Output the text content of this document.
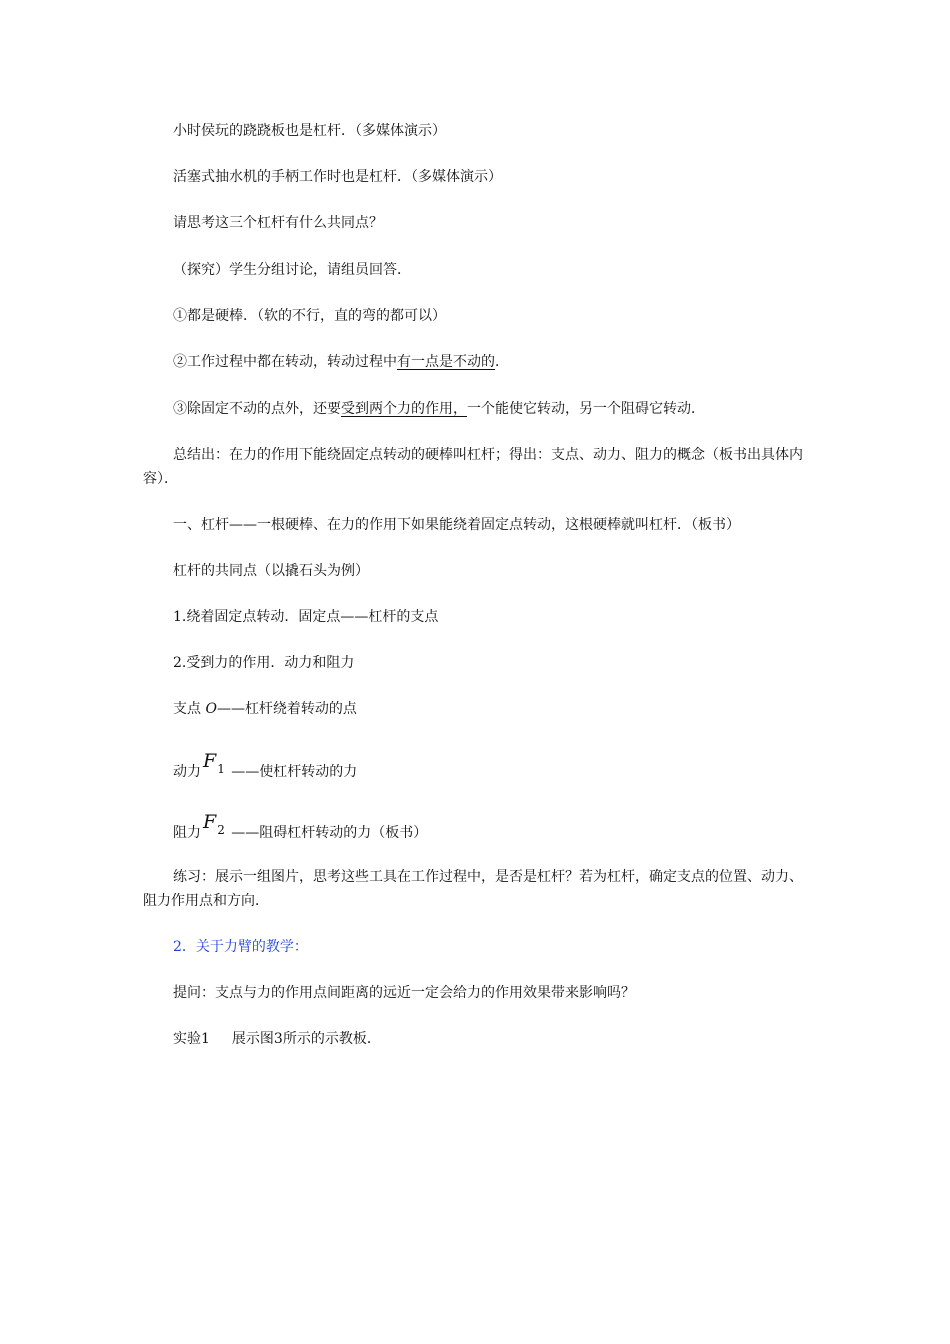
小时侯玩的跷跷板也是杠杆．（多媒体演示）
活塞式抽水机的手柄工作时也是杠杆．（多媒体演示）
请思考这三个杠杆有什么共同点？
（探究）学生分组讨论，请组员回答．
①都是硬棒．（软的不行，直的弯的都可以）
②工作过程中都在转动，转动过程中有一点是不动的．
③除固定不动的点外，还要受到两个力的作用，一个能使它转动，另一个阻碍它转动．
总结出：在力的作用下能绕固定点转动的硬棒叫杠杆；得出：支点、动力、阻力的概念（板书出具体内容）．
一、杠杆——一根硬棒、在力的作用下如果能绕着固定点转动，这根硬棒就叫杠杆．（板书）
杠杆的共同点（以撬石头为例）
1.绕着固定点转动．固定点——杠杆的支点
2.受到力的作用．动力和阻力
支点 O——杠杆绕着转动的点
动力 $F_1$ ——使杠杆转动的力
阻力 $F_2$ ——阻碍杠杆转动的力（板书）
练习：展示一组图片，思考这些工具在工作过程中，是否是杠杆？若为杠杆，确定支点的位置、动力、阻力作用点和方向．
2．关于力臂的教学：
提问：支点与力的作用点间距离的远近一定会给力的作用效果带来影响吗？
实验1 展示图3所示的示教板．
